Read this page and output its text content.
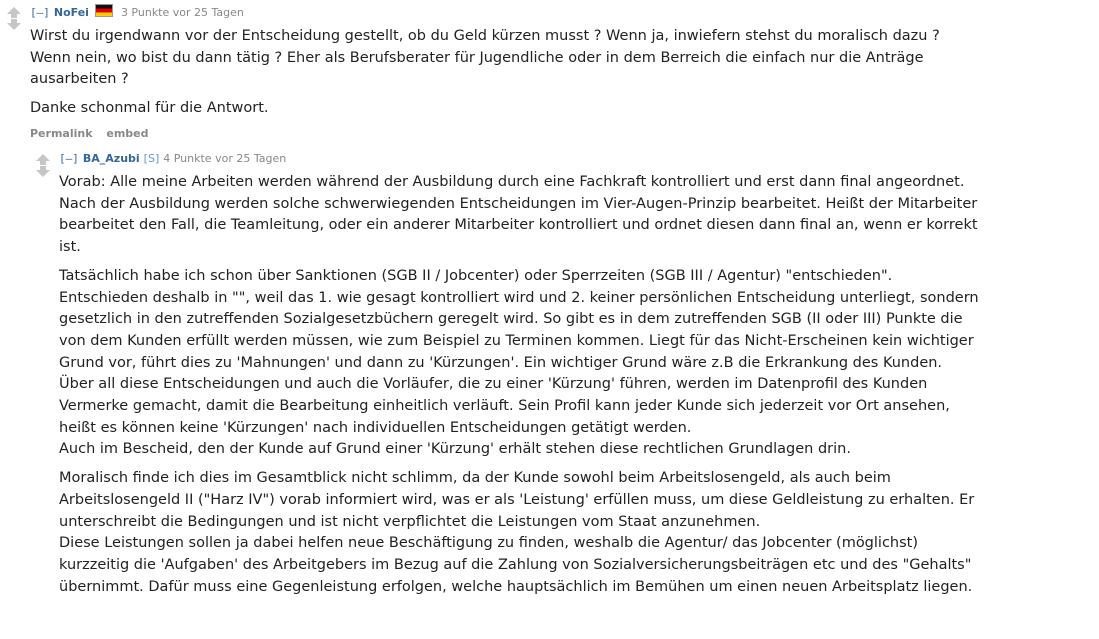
[–] NoFei	3 Punkte vor 25 Tagen

Wirst du irgendwann vor der Entscheidung gestellt, ob du Geld kürzen musst ? Wenn ja, inwiefern stehst du moralisch dazu ? Wenn nein, wo bist du dann tätig ? Eher als Berufsberater für Jugendliche oder in dem Berreich die einfach nur die Anträge ausarbeiten ?

Danke schonmal für die Antwort.

Permalink embed
[–] BA_Azubi [S] 4 Punkte vor 25 Tagen

Vorab: Alle meine Arbeiten werden während der Ausbildung durch eine Fachkraft kontrolliert und erst dann final angeordnet. Nach der Ausbildung werden solche schwerwiegenden Entscheidungen im Vier-Augen-Prinzip bearbeitet. Heißt der Mitarbeiter bearbeitet den Fall, die Teamleitung, oder ein anderer Mitarbeiter kontrolliert und ordnet diesen dann final an, wenn er korrekt ist.

Tatsächlich habe ich schon über Sanktionen (SGB II / Jobcenter) oder Sperrzeiten (SGB III / Agentur) "entschieden". Entschieden deshalb in "", weil das 1. wie gesagt kontrolliert wird und 2. keiner persönlichen Entscheidung unterliegt, sondern gesetzlich in den zutreffenden Sozialgesetzbüchern geregelt wird. So gibt es in dem zutreffenden SGB (II oder III) Punkte die von dem Kunden erfüllt werden müssen, wie zum Beispiel zu Terminen kommen. Liegt für das Nicht-Erscheinen kein wichtiger Grund vor, führt dies zu 'Mahnungen' und dann zu 'Kürzungen'. Ein wichtiger Grund wäre z.B die Erkrankung des Kunden. Über all diese Entscheidungen und auch die Vorläufer, die zu einer 'Kürzung' führen, werden im Datenprofil des Kunden Vermerke gemacht, damit die Bearbeitung einheitlich verläuft. Sein Profil kann jeder Kunde sich jederzeit vor Ort ansehen, heißt es können keine 'Kürzungen' nach individuellen Entscheidungen getätigt werden.
Auch im Bescheid, den der Kunde auf Grund einer 'Kürzung' erhält stehen diese rechtlichen Grundlagen drin.

Moralisch finde ich dies im Gesamtblick nicht schlimm, da der Kunde sowohl beim Arbeitslosengeld, als auch beim Arbeitslosengeld II ("Harz IV") vorab informiert wird, was er als 'Leistung' erfüllen muss, um diese Geldleistung zu erhalten. Er unterschreibt die Bedingungen und ist nicht verpflichtet die Leistungen vom Staat anzunehmen.
Diese Leistungen sollen ja dabei helfen neue Beschäftigung zu finden, weshalb die Agentur/ das Jobcenter (möglichst) kurzzeitig die 'Aufgaben' des Arbeitgebers im Bezug auf die Zahlung von Sozialversicherungsbeiträgen etc und des "Gehalts" übernimmt. Dafür muss eine Gegenleistung erfolgen, welche hauptsächlich im Bemühen um einen neuen Arbeitsplatz liegen.
